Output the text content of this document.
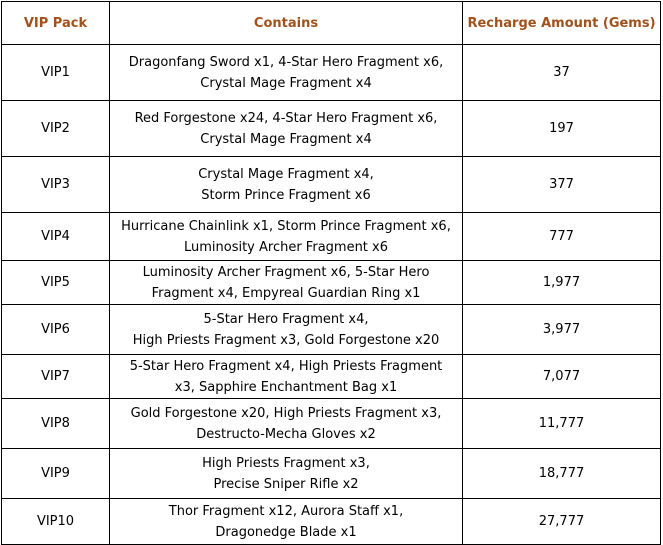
VIP Pack	Contains	Recharge Amount (Gems)
VIP1	Dragonfang Sword x1, 4-Star Hero Fragment x6,
Crystal Mage Fragment x4	37
VIP2	Red Forgestone x24, 4-Star Hero Fragment x6,
Crystal Mage Fragment x4	197
VIP3	Crystal Mage Fragment x4,
Storm Prince Fragment x6	377
VIP4	Hurricane Chainlink x1, Storm Prince Fragment x6,
Luminosity Archer Fragment x6	777
VIP5	Luminosity Archer Fragment x6, 5-Star Hero
Fragment x4, Empyreal Guardian Ring x1	1,977
VIP6	5-Star Hero Fragment x4,
High Priests Fragment x3, Gold Forgestone x20	3,977
VIP7	5-Star Hero Fragment x4, High Priests Fragment
x3, Sapphire Enchantment Bag x1	7,077
VIP8	Gold Forgestone x20, High Priests Fragment x3,
Destructo-Mecha Gloves x2	11,777
VIP9	High Priests Fragment x3,
Precise Sniper Rifle x2	18,777
VIP10	Thor Fragment x12, Aurora Staff x1,
Dragonedge Blade x1	27,777
